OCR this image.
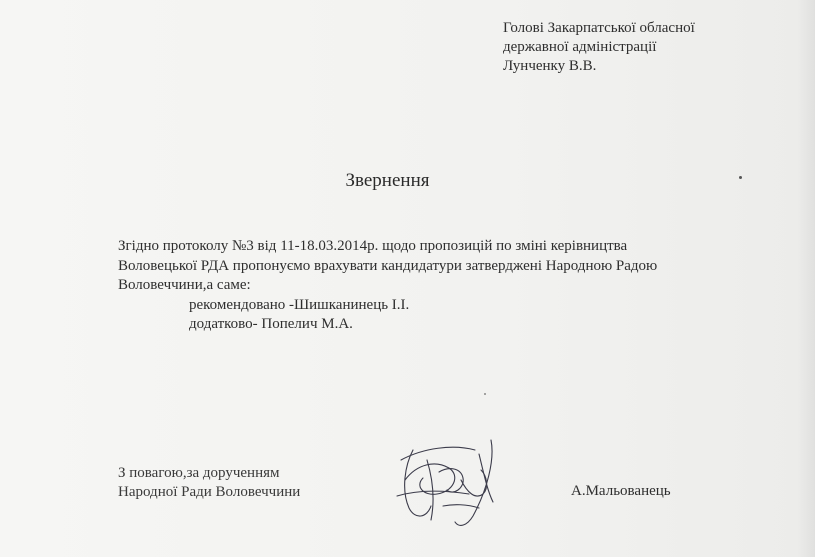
Голові Закарпатської обласної
державної адміністрації
Лунченку В.В.
Звернення
Згідно протоколу №3 від 11-18.03.2014р. щодо пропозицій по зміні керівництва
Воловецької РДА пропонуємо врахувати кандидатури затверджені Народною Радою
Воловеччини,а саме:
рекомендовано -Шишканинець І.І.
додатково- Попелич М.А.
З повагою,за дорученням
Народної Ради Воловеччини	А.Мальованець
